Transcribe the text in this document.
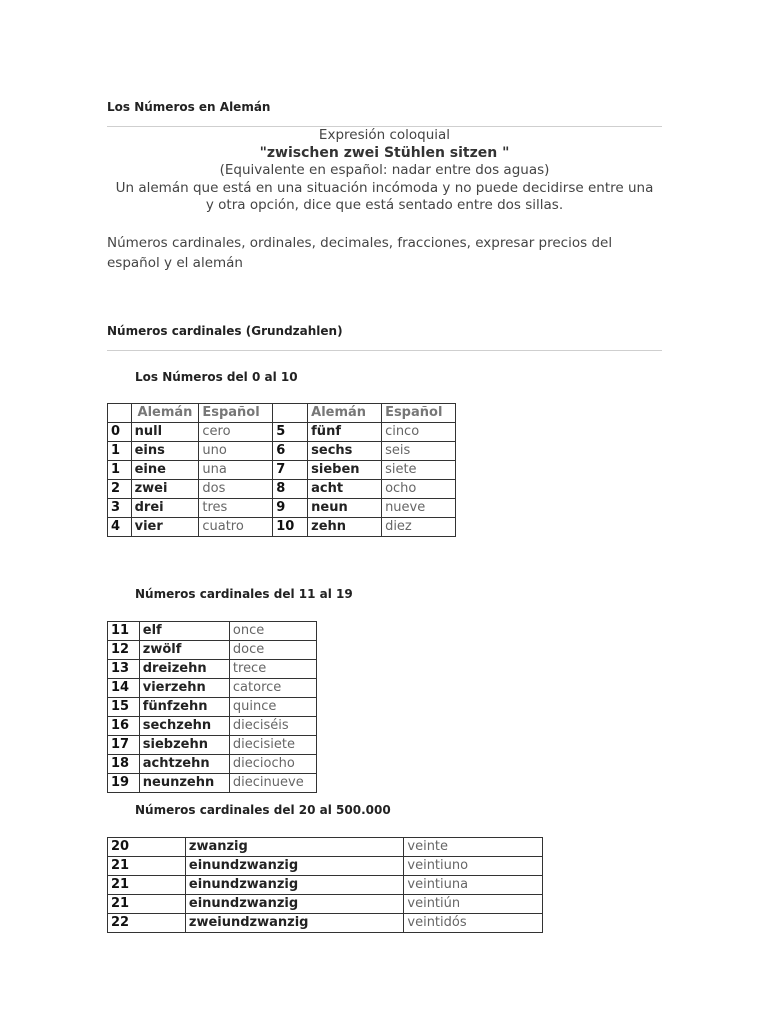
Los Números en Alemán
Expresión coloquial
"zwischen zwei Stühlen sitzen "
(Equivalente en español: nadar entre dos aguas)
Un alemán que está en una situación incómoda y no puede decidirse entre una
y otra opción, dice que está sentado entre dos sillas.

Números cardinales, ordinales, decimales, fracciones, expresar precios del español y el alemán

Números cardinales (Grundzahlen)
Los Números del 0 al 10
	Alemán	Español		Alemán	Español
0	null	cero	5	fünf	cinco
1	eins	uno	6	sechs	seis
1	eine	una	7	sieben	siete
2	zwei	dos	8	acht	ocho
3	drei	tres	9	neun	nueve
4	vier	cuatro	10	zehn	diez
Números cardinales del 11 al 19
11	elf	once
12	zwölf	doce
13	dreizehn	trece
14	vierzehn	catorce
15	fünfzehn	quince
16	sechzehn	dieciséis
17	siebzehn	diecisiete
18	achtzehn	dieciocho
19	neunzehn	diecinueve
Números cardinales del 20 al 500.000
20	zwanzig	veinte
21	einundzwanzig	veintiuno
21	einundzwanzig	veintiuna
21	einundzwanzig	veintiún
22	zweiundzwanzig	veintidós
